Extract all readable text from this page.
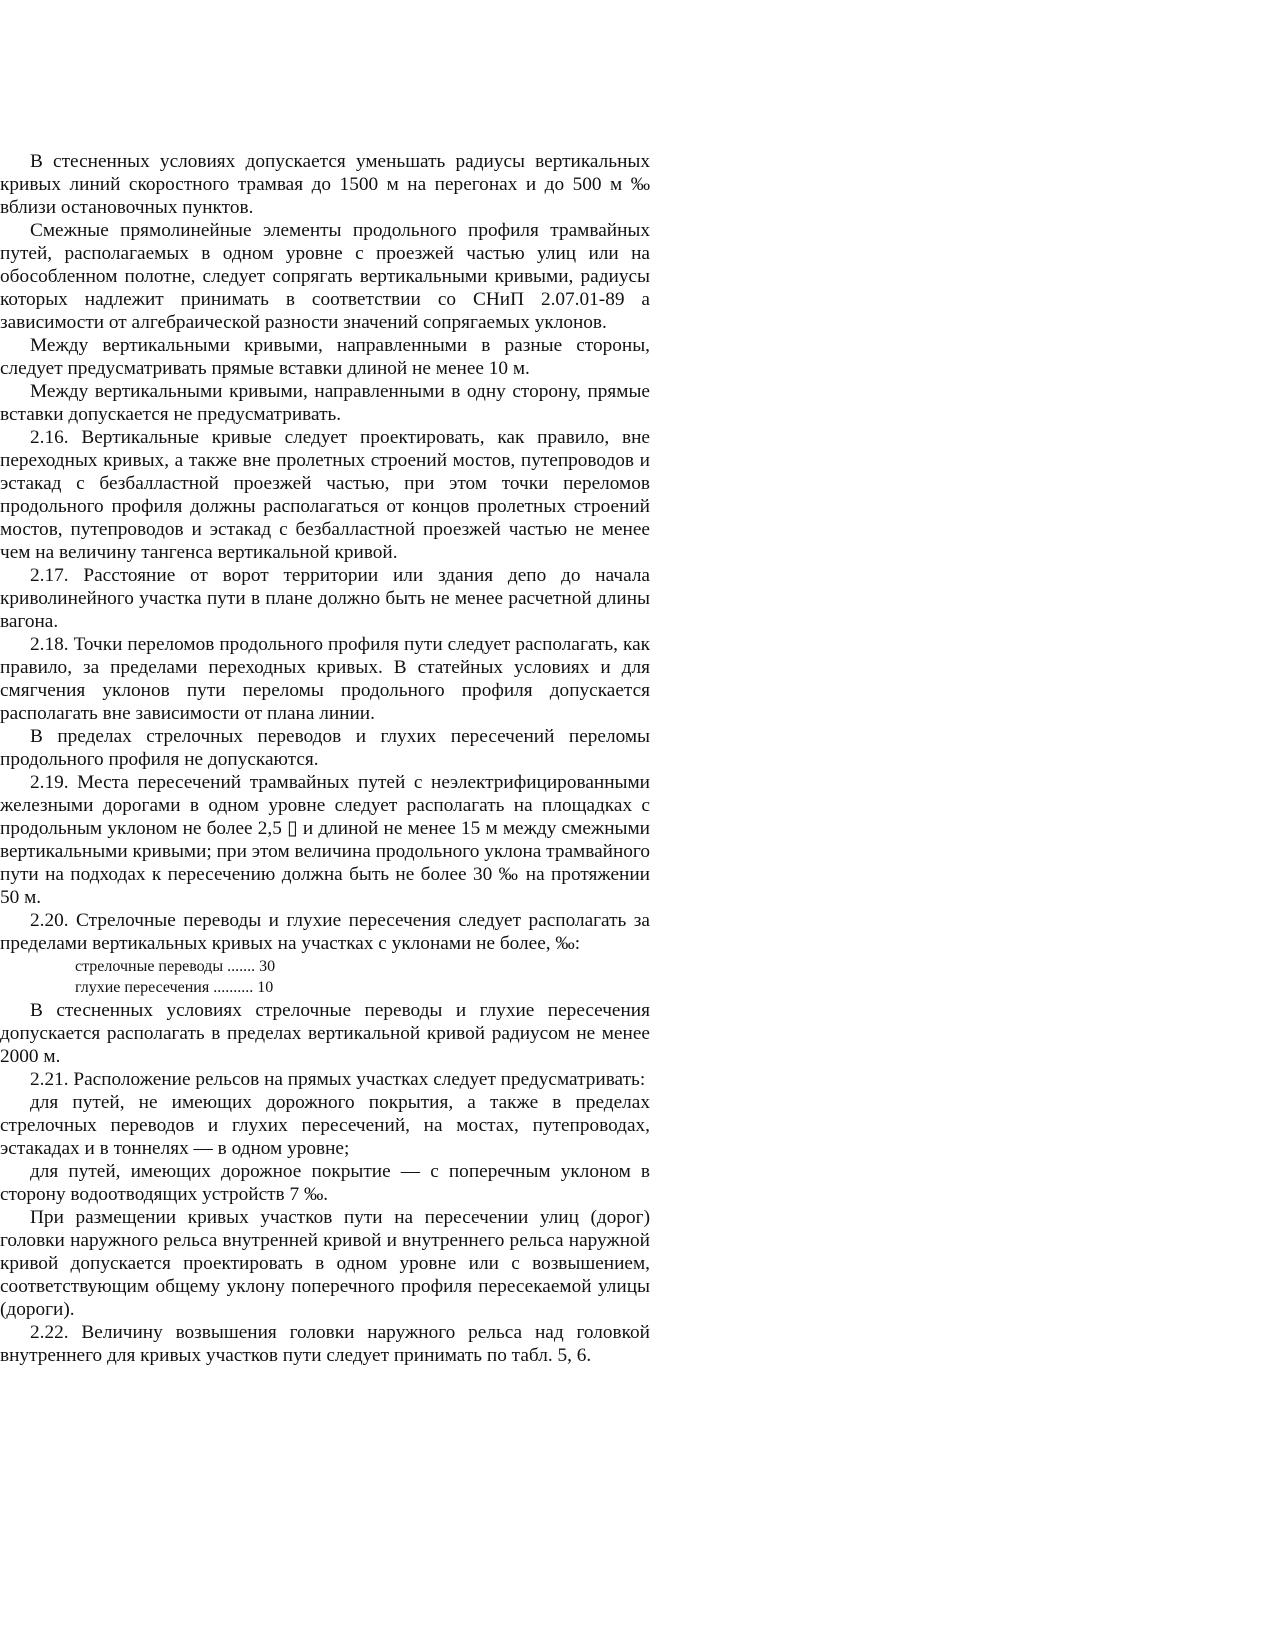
В стесненных условиях допускается уменьшать радиусы вертикальных кривых линий скоростного трамвая до 1500 м на перегонах и до 500 м ‰ вблизи остановочных пунктов.

Смежные прямолинейные элементы продольного профиля трамвайных путей, располагаемых в одном уровне с проезжей частью улиц или на обособленном полотне, следует сопрягать вертикальными кривыми, радиусы которых надлежит принимать в соответствии со СНиП 2.07.01-89 а зависимости от алгебраической разности значений сопрягаемых уклонов.

Между вертикальными кривыми, направленными в разные стороны, следует предусматривать прямые вставки длиной не менее 10 м.

Между вертикальными кривыми, направленными в одну сторону, прямые вставки допускается не предусматривать.

2.16. Вертикальные кривые следует проектировать, как правило, вне переходных кривых, а также вне пролетных строений мостов, путепроводов и эстакад с безбалластной проезжей частью, при этом точки переломов продольного профиля должны располагаться от концов пролетных строений мостов, путепроводов и эстакад с безбалластной проезжей частью не менее чем на величину тангенса вертикальной кривой.

2.17. Расстояние от ворот территории или здания депо до начала криволинейного участка пути в плане должно быть не менее расчетной длины вагона.

2.18. Точки переломов продольного профиля пути следует располагать, как правило, за пределами переходных кривых. В статейных условиях и для смягчения уклонов пути переломы продольного профиля допускается располагать вне зависимости от плана линии.

В пределах стрелочных переводов и глухих пересечений переломы продольного профиля не допускаются.

2.19. Места пересечений трамвайных путей с неэлектрифицированными железными дорогами в одном уровне следует располагать на площадках с продольным уклоном не более 2,5 ▯ и длиной не менее 15 м между смежными вертикальными кривыми; при этом величина продольного уклона трамвайного пути на подходах к пересечению должна быть не более 30 ‰ на протяжении 50 м.

2.20. Стрелочные переводы и глухие пересечения следует располагать за пределами вертикальных кривых на участках с уклонами не более, ‰:

стрелочные переводы ....... 30

глухие пересечения .......... 10

В стесненных условиях стрелочные переводы и глухие пересечения допускается располагать в пределах вертикальной кривой радиусом не менее 2000 м.

2.21. Расположение рельсов на прямых участках следует предусматривать:

для путей, не имеющих дорожного покрытия, а также в пределах стрелочных переводов и глухих пересечений, на мостах, путепроводах, эстакадах и в тоннелях — в одном уровне;

для путей, имеющих дорожное покрытие — с поперечным уклоном в сторону водоотводящих устройств 7 ‰.

При размещении кривых участков пути на пересечении улиц (дорог) головки наружного рельса внутренней кривой и внутреннего рельса наружной кривой допускается проектировать в одном уровне или с возвышением, соответствующим общему уклону поперечного профиля пересекаемой улицы (дороги).

2.22. Величину возвышения головки наружного рельса над головкой внутреннего для кривых участков пути следует принимать по табл. 5, 6.
